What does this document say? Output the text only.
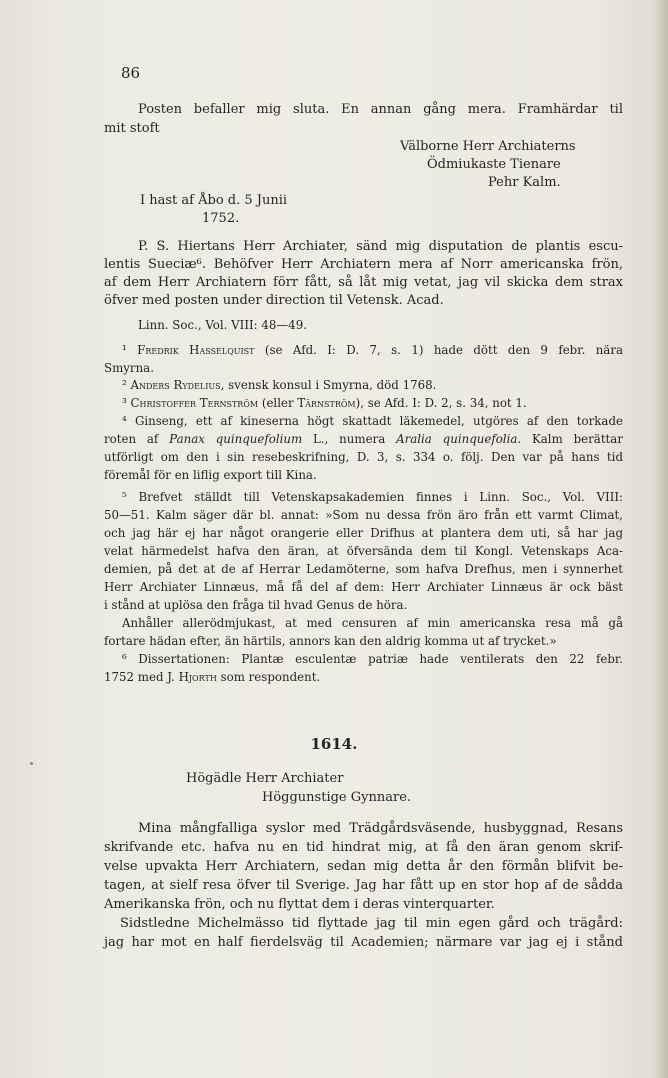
86
Posten befaller mig sluta. En annan gång mera. Framhärdar til
mit stoft
Välborne Herr Archiaterns
Ödmiukaste Tienare
Pehr Kalm.
I hast af Åbo d. 5 Junii
1752.
P. S. Hiertans Herr Archiater, sänd mig disputation de plantis escu-
lentis Sueciæ⁶. Behöfver Herr Archiatern mera af Norr americanska frön,
af dem Herr Archiatern förr fått, så låt mig vetat, jag vil skicka dem strax
öfver med posten under direction til Vetensk. Acad.
Linn. Soc., Vol. VIII: 48—49.
¹ Fredrik Hasselquist (se Afd. I: D. 7, s. 1) hade dött den 9 febr. nära
Smyrna.
² Anders Rydelius, svensk konsul i Smyrna, död 1768.
³ Christoffer Ternström (eller Tärnström), se Afd. I: D. 2, s. 34, not 1.
⁴ Ginseng, ett af kineserna högt skattadt läkemedel, utgöres af den torkade
roten af Panax quinquefolium L., numera Aralia quinquefolia. Kalm berättar
utförligt om den i sin resebeskrifning, D. 3, s. 334 o. följ. Den var på hans tid
föremål för en liflig export till Kina.
⁵ Brefvet ställdt till Vetenskapsakademien finnes i Linn. Soc., Vol. VIII:
50—51. Kalm säger där bl. annat: »Som nu dessa frön äro från ett varmt Climat,
och jag här ej har något orangerie eller Drifhus at plantera dem uti, så har jag
velat härmedelst hafva den äran, at öfversända dem til Kongl. Vetenskaps Aca-
demien, på det at de af Herrar Ledamöterne, som hafva Drefhus, men i synnerhet
Herr Archiater Linnæus, må få del af dem: Herr Archiater Linnæus är ock bäst
i stånd at uplösa den fråga til hvad Genus de höra.
Anhåller allerödmjukast, at med censuren af min americanska resa må gå
fortare hädan efter, än härtils, annors kan den aldrig komma ut af trycket.»
⁶ Dissertationen: Plantæ esculentæ patriæ hade ventilerats den 22 febr.
1752 med J. Hjorth som respondent.
1614.
Högädle Herr Archiater
Höggunstige Gynnare.
Mina mångfalliga syslor med Trädgårdsväsende, husbyggnad, Resans
skrifvande etc. hafva nu en tid hindrat mig, at få den äran genom skrif-
velse upvakta Herr Archiatern, sedan mig detta år den förmån blifvit be-
tagen, at sielf resa öfver til Sverige. Jag har fått up en stor hop af de sådda
Amerikanska frön, och nu flyttat dem i deras vinterquarter.
Sidstledne Michelmässo tid flyttade jag til min egen gård och trägård:
jag har mot en half fierdelsväg til Academien; närmare var jag ej i stånd
